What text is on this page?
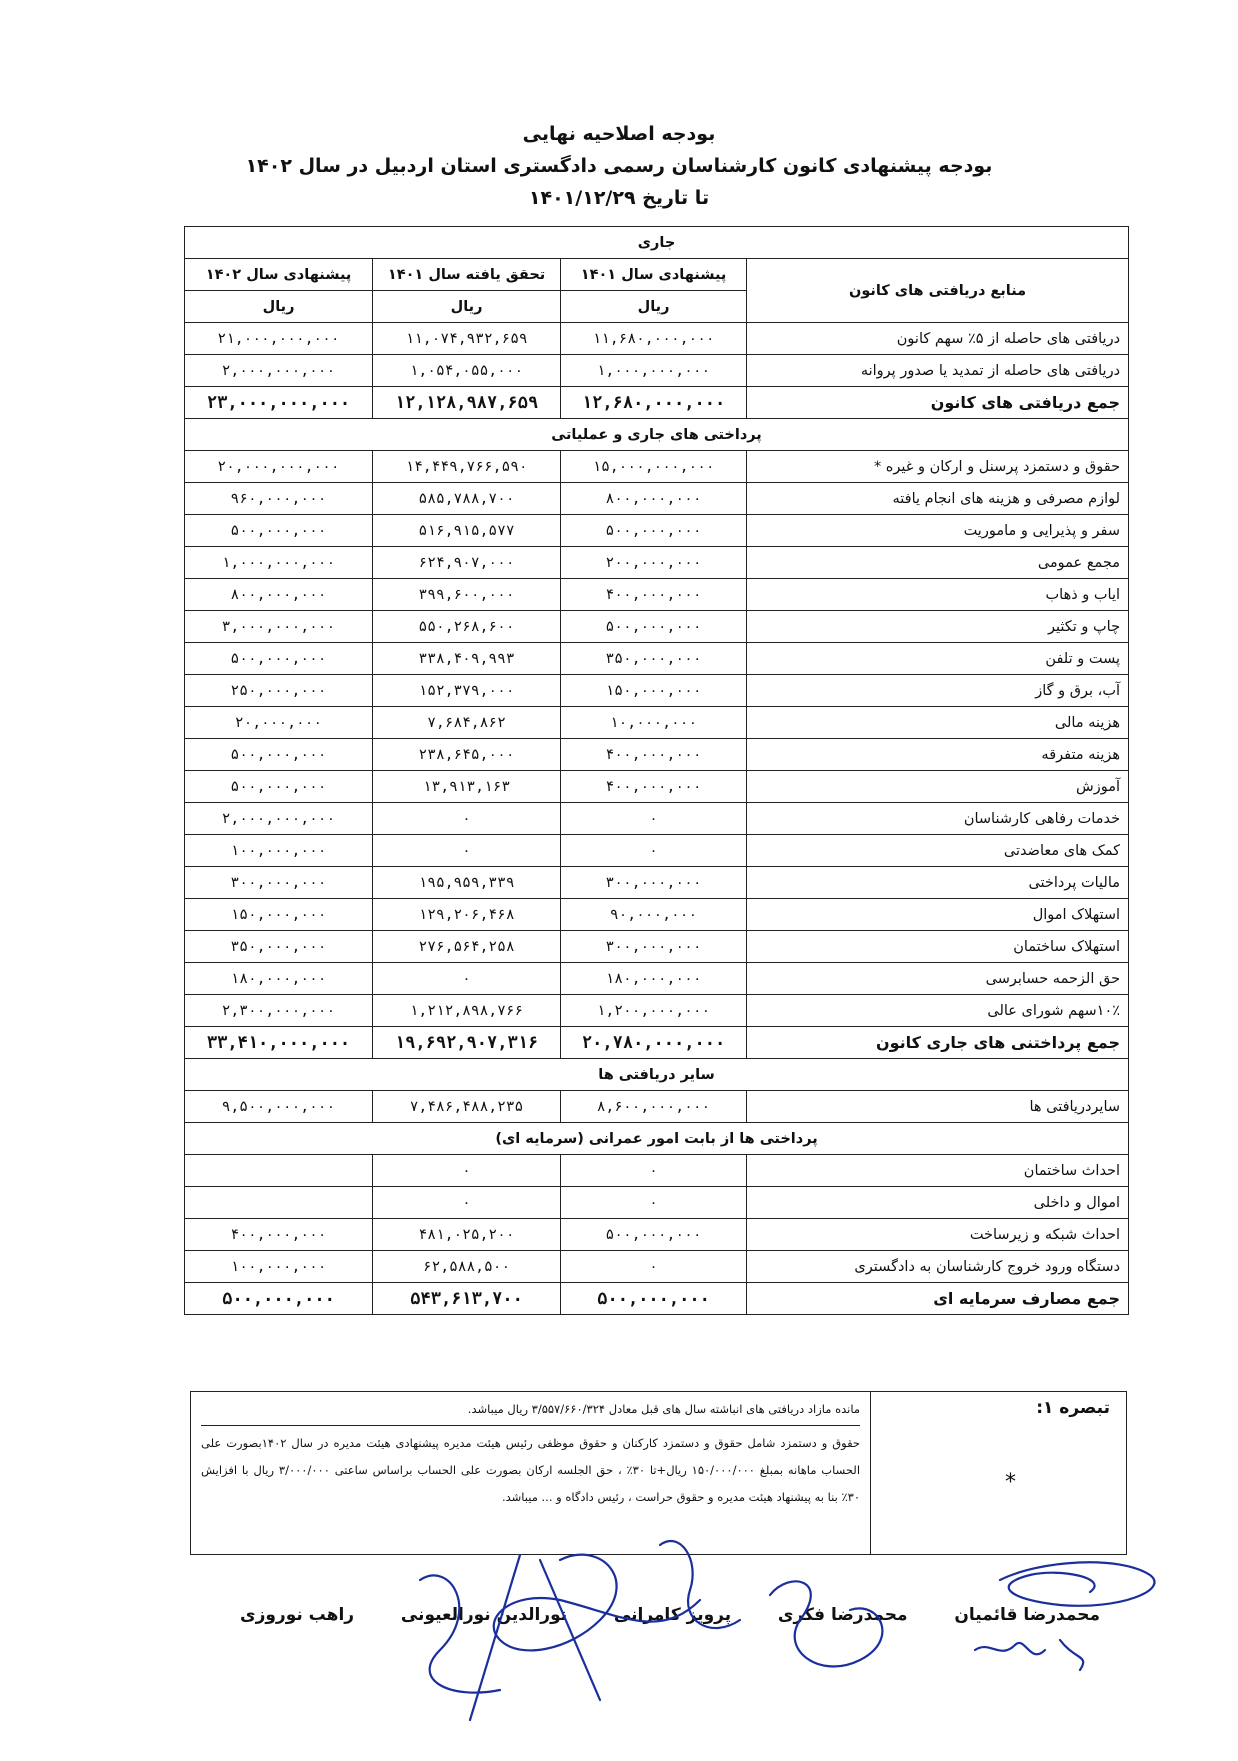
بودجه اصلاحیه نهایی
بودجه پیشنهادی کانون کارشناسان رسمی دادگستری استان اردبیل در سال ۱۴۰۲
تا تاریخ ۱۴۰۱/۱۲/۲۹
جاری			
منابع دریافتی های کانون	پیشنهادی سال ۱۴۰۱	تحقق یافته سال ۱۴۰۱	پیشنهادی سال ۱۴۰۲
	ریال	ریال	ریال
دریافتی های حاصله از ۵٪ سهم کانون	۱۱,۶۸۰,۰۰۰,۰۰۰	۱۱,۰۷۴,۹۳۲,۶۵۹	۲۱,۰۰۰,۰۰۰,۰۰۰
دریافتی های حاصله از تمدید یا صدور پروانه	۱,۰۰۰,۰۰۰,۰۰۰	۱,۰۵۴,۰۵۵,۰۰۰	۲,۰۰۰,۰۰۰,۰۰۰
جمع دریافتی های کانون	۱۲,۶۸۰,۰۰۰,۰۰۰	۱۲,۱۲۸,۹۸۷,۶۵۹	۲۳,۰۰۰,۰۰۰,۰۰۰
پرداختی های جاری و عملیاتی			
حقوق و دستمزد پرسنل و ارکان و غیره *	۱۵,۰۰۰,۰۰۰,۰۰۰	۱۴,۴۴۹,۷۶۶,۵۹۰	۲۰,۰۰۰,۰۰۰,۰۰۰
لوازم مصرفی و هزینه های انجام یافته	۸۰۰,۰۰۰,۰۰۰	۵۸۵,۷۸۸,۷۰۰	۹۶۰,۰۰۰,۰۰۰
سفر و پذیرایی و ماموریت	۵۰۰,۰۰۰,۰۰۰	۵۱۶,۹۱۵,۵۷۷	۵۰۰,۰۰۰,۰۰۰
مجمع عمومی	۲۰۰,۰۰۰,۰۰۰	۶۲۴,۹۰۷,۰۰۰	۱,۰۰۰,۰۰۰,۰۰۰
ایاب و ذهاب	۴۰۰,۰۰۰,۰۰۰	۳۹۹,۶۰۰,۰۰۰	۸۰۰,۰۰۰,۰۰۰
چاپ و تکثیر	۵۰۰,۰۰۰,۰۰۰	۵۵۰,۲۶۸,۶۰۰	۳,۰۰۰,۰۰۰,۰۰۰
پست و تلفن	۳۵۰,۰۰۰,۰۰۰	۳۳۸,۴۰۹,۹۹۳	۵۰۰,۰۰۰,۰۰۰
آب، برق و گاز	۱۵۰,۰۰۰,۰۰۰	۱۵۲,۳۷۹,۰۰۰	۲۵۰,۰۰۰,۰۰۰
هزینه مالی	۱۰,۰۰۰,۰۰۰	۷,۶۸۴,۸۶۲	۲۰,۰۰۰,۰۰۰
هزینه متفرقه	۴۰۰,۰۰۰,۰۰۰	۲۳۸,۶۴۵,۰۰۰	۵۰۰,۰۰۰,۰۰۰
آموزش	۴۰۰,۰۰۰,۰۰۰	۱۳,۹۱۳,۱۶۳	۵۰۰,۰۰۰,۰۰۰
خدمات رفاهی کارشناسان	۰	۰	۲,۰۰۰,۰۰۰,۰۰۰
کمک های معاضدتی	۰	۰	۱۰۰,۰۰۰,۰۰۰
مالیات پرداختی	۳۰۰,۰۰۰,۰۰۰	۱۹۵,۹۵۹,۳۳۹	۳۰۰,۰۰۰,۰۰۰
استهلاک اموال	۹۰,۰۰۰,۰۰۰	۱۲۹,۲۰۶,۴۶۸	۱۵۰,۰۰۰,۰۰۰
استهلاک ساختمان	۳۰۰,۰۰۰,۰۰۰	۲۷۶,۵۶۴,۲۵۸	۳۵۰,۰۰۰,۰۰۰
حق الزحمه حسابرسی	۱۸۰,۰۰۰,۰۰۰	۰	۱۸۰,۰۰۰,۰۰۰
۱۰٪سهم شورای عالی	۱,۲۰۰,۰۰۰,۰۰۰	۱,۲۱۲,۸۹۸,۷۶۶	۲,۳۰۰,۰۰۰,۰۰۰
جمع پرداختنی های جاری کانون	۲۰,۷۸۰,۰۰۰,۰۰۰	۱۹,۶۹۲,۹۰۷,۳۱۶	۳۳,۴۱۰,۰۰۰,۰۰۰
سایر دریافتی ها			
سایردریافتی ها	۸,۶۰۰,۰۰۰,۰۰۰	۷,۴۸۶,۴۸۸,۲۳۵	۹,۵۰۰,۰۰۰,۰۰۰
پرداختی ها از بابت امور عمرانی (سرمایه ای)			
احداث ساختمان	۰	۰	
اموال و داخلی	۰	۰	
احداث شبکه و زیرساخت	۵۰۰,۰۰۰,۰۰۰	۴۸۱,۰۲۵,۲۰۰	۴۰۰,۰۰۰,۰۰۰
دستگاه ورود خروج کارشناسان به دادگستری	۰	۶۲,۵۸۸,۵۰۰	۱۰۰,۰۰۰,۰۰۰
جمع مصارف سرمایه ای	۵۰۰,۰۰۰,۰۰۰	۵۴۳,۶۱۳,۷۰۰	۵۰۰,۰۰۰,۰۰۰
تبصره ۱:
*
مانده مازاد دریافتی های انباشته سال های قبل معادل ۳/۵۵۷/۶۶۰/۳۲۴ ریال میباشد.
حقوق و دستمزد شامل حقوق و دستمزد کارکنان و حقوق موظفی رئیس هیئت مدیره پیشنهادی هیئت مدیره در سال ۱۴۰۲بصورت علی الحساب ماهانه بمبلغ ۱۵۰/۰۰۰/۰۰۰ ریال+تا ۳۰٪ ، حق الجلسه ارکان بصورت علی الحساب براساس ساعتی ۳/۰۰۰/۰۰۰ ریال با افزایش ۳۰٪ بنا به پیشنهاد هیئت مدیره و حقوق حراست ، رئیس دادگاه و ... میباشد.
محمدرضا قائمیان
محمدرضا فکری
پرویز کامرانی
نورالدین نورالعیونی
راهب نوروزی
